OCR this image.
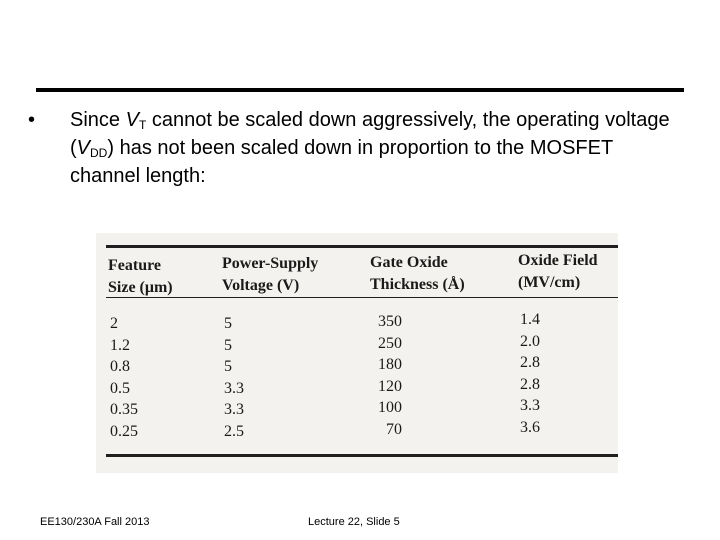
•	Since $V_T$ cannot be scaled down aggressively, the operating voltage $(V_{DD})$ has not been scaled down in proportion to the MOSFET channel length:
Feature
Size (μm)
Power-Supply
Voltage (V)
Gate Oxide
Thickness (Å)
Oxide Field
(MV/cm)
2
1.2
0.8
0.5
0.35
0.25
5
5
5
3.3
3.3
2.5
350
250
180
120
100
70
1.4
2.0
2.8
2.8
3.3
3.6
EE130/230A Fall 2013	Lecture 22, Slide 5
